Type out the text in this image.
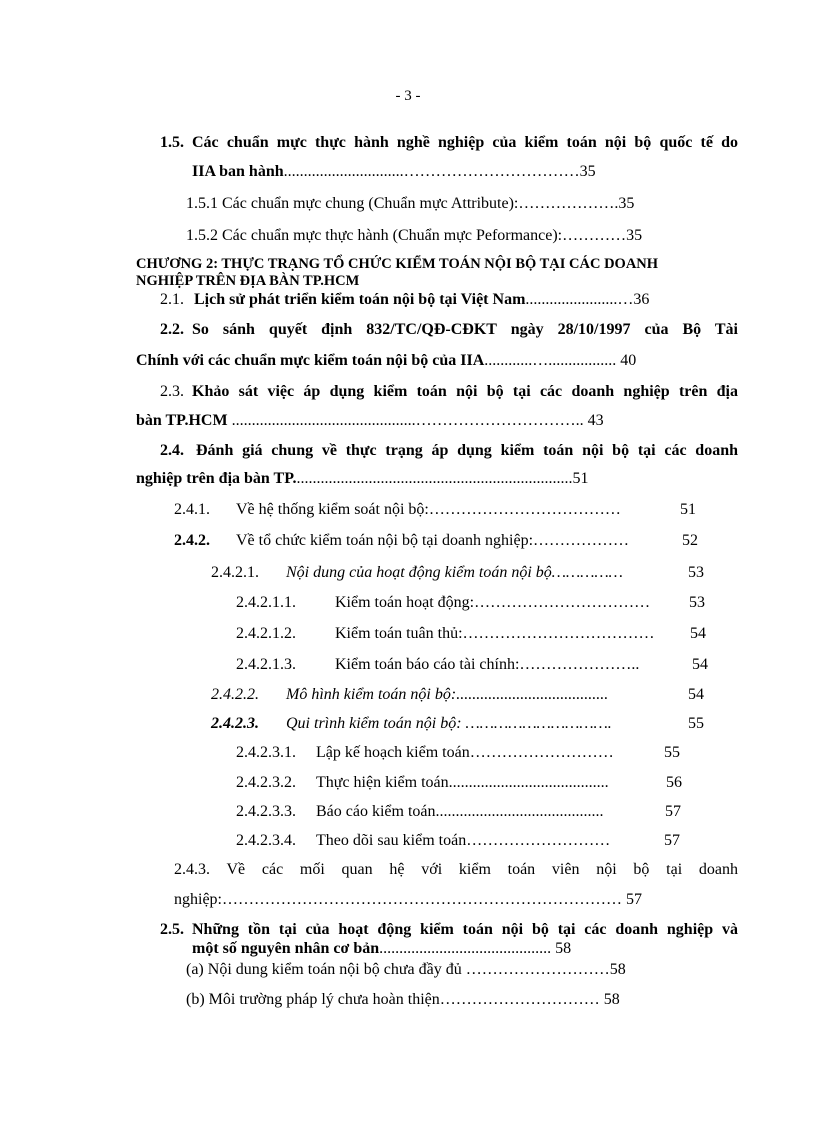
- 3 -
1.5. Các chuẩn mực thực hành nghề nghiệp của kiểm toán nội bộ quốc tế do
IIA ban hành..............................……………………………35
1.5.1 Các chuẩn mực chung (Chuẩn mực Attribute):……………….35
1.5.2 Các chuẩn mực thực hành (Chuẩn mực Peformance):…………35
CHƯƠNG 2: THỰC TRẠNG TỔ CHỨC KIỂM TOÁN NỘI BỘ TẠI CÁC DOANH
NGHIỆP TRÊN ĐỊA BÀN TP.HCM
2.1. Lịch sử phát triển kiểm toán nội bộ tại Việt Nam.......................…36
2.2. So sánh quyết định 832/TC/QĐ-CĐKT ngày 28/10/1997 của Bộ Tài
Chính với các chuẩn mực kiểm toán nội bộ của IIA............…................. 40
2.3. Khảo sát việc áp dụng kiểm toán nội bộ tại các doanh nghiệp trên địa
bàn TP.HCM ..............................................………………………….. 43
2.4. Đánh giá chung về thực trạng áp dụng kiểm toán nội bộ tại các doanh
nghiệp trên địa bàn TP......................................................................51
2.4.1. Về hệ thống kiểm soát nội bộ:………………………………	51
2.4.2. Về tổ chức kiểm toán nội bộ tại doanh nghiệp:………………	52
2.4.2.1. Nội dung của hoạt động kiểm toán nội bộ……………	53
2.4.2.1.1. Kiểm toán hoạt động:…………………………… 53
2.4.2.1.2. Kiểm toán tuân thủ:……………………………… 54
2.4.2.1.3. Kiểm toán báo cáo tài chính:…………………..	54
2.4.2.2. Mô hình kiểm toán nội bộ:......................................	54
2.4.2.3. Qui trình kiểm toán nội bộ: ………………………….	55
2.4.2.3.1. Lập kế hoạch kiểm toán………………………	55
2.4.2.3.2. Thực hiện kiểm toán........................................	56
2.4.2.3.3. Báo cáo kiểm toán..........................................	57
2.4.2.3.4. Theo dõi sau kiểm toán………………………	57
2.4.3. Về các mối quan hệ với kiểm toán viên nội bộ tại doanh
nghiệp:………………………………………………………………… 57
2.5. Những tồn tại của hoạt động kiểm toán nội bộ tại các doanh nghiệp và
một số nguyên nhân cơ bản........................................... 58
(a) Nội dung kiểm toán nội bộ chưa đầy đủ ………………………58
(b) Môi trường pháp lý chưa hoàn thiện………………………… 58
